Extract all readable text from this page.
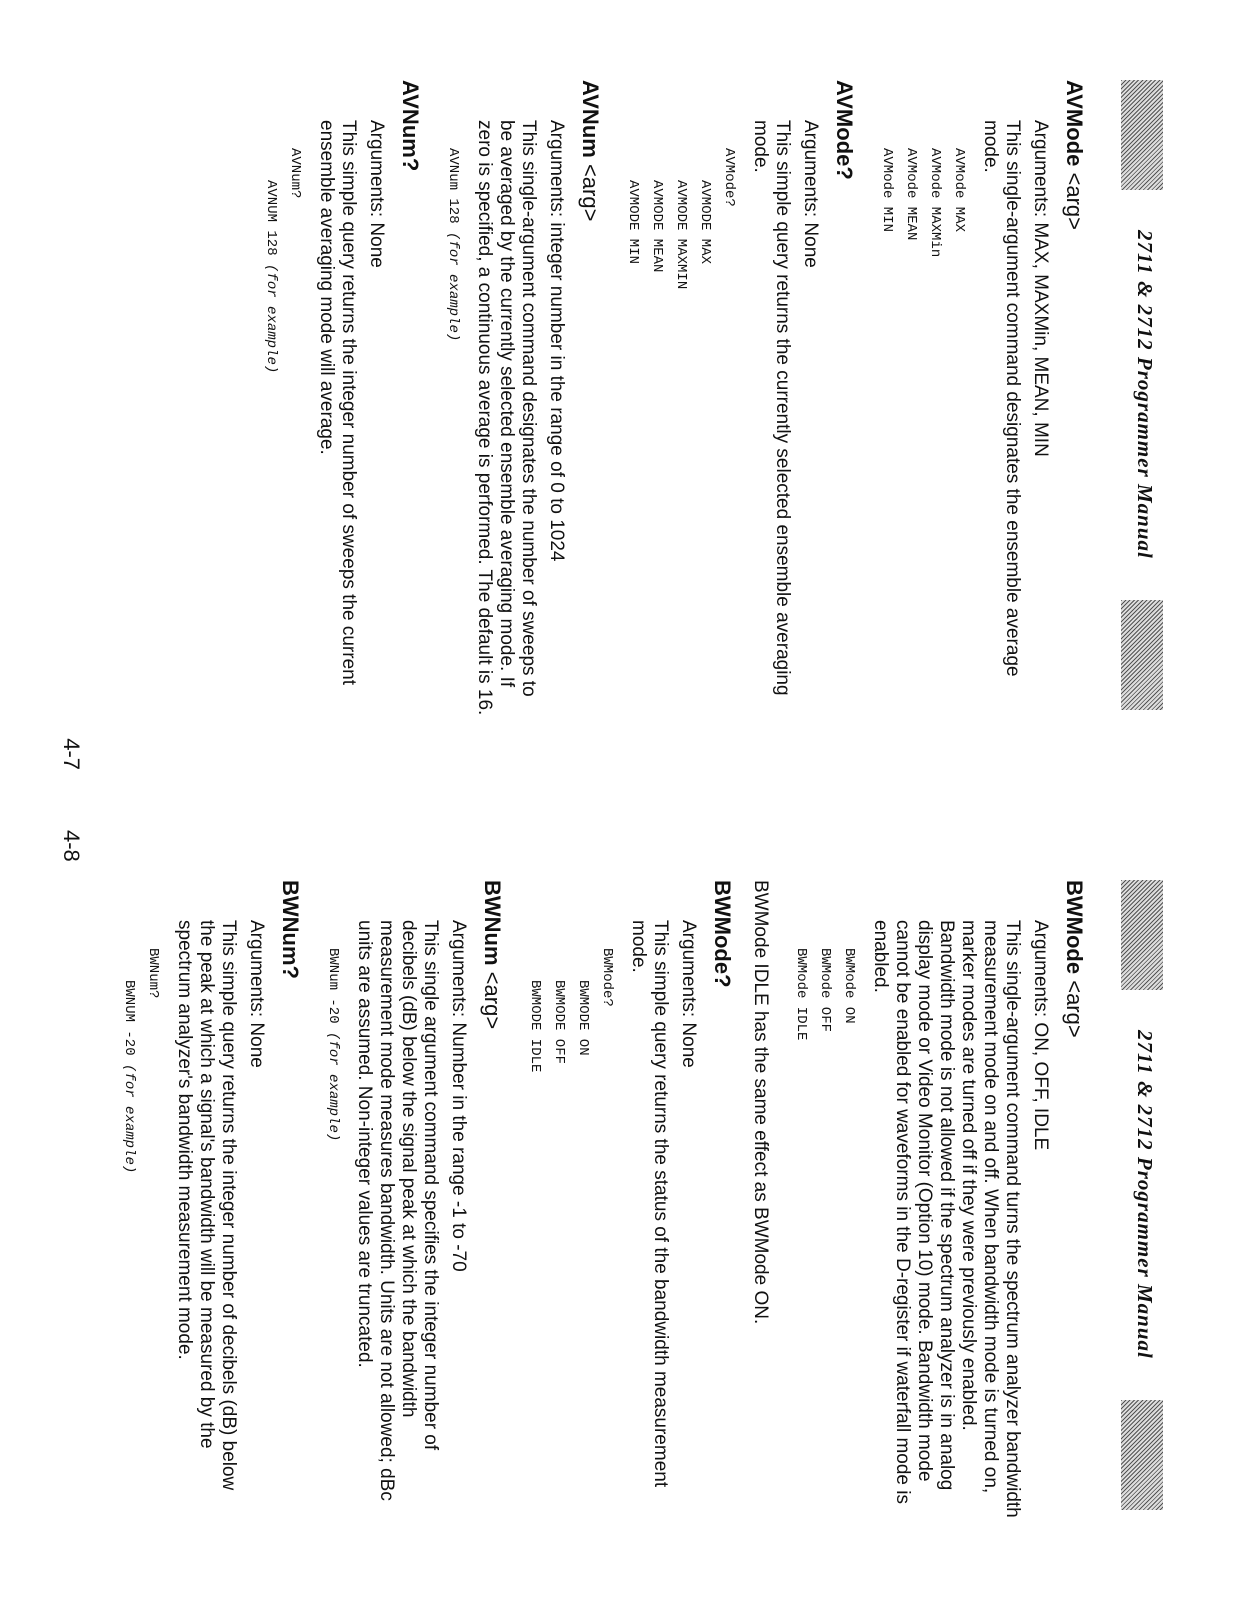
2711 & 2712 Programmer Manual
AVMode <arg>
Arguments: MAX, MAXMin, MEAN, MIN
This single-argument command designates the ensemble average mode.
AVMode MAX
AVMode MAXMin
AVMode MEAN
AVMode MIN
AVMode?
Arguments: None
This simple query returns the currently selected ensemble averaging mode.
AVMode?
AVMODE MAX
AVMODE MAXMIN
AVMODE MEAN
AVMODE MIN
AVNum <arg>
Arguments: integer number in the range of 0 to 1024
This single-argument command designates the number of sweeps to be averaged by the currently selected ensemble averaging mode. If zero is specified, a continuous average is performed. The default is 16.
AVNum 128 (for example)
AVNum?
Arguments: None
This simple query returns the integer number of sweeps the current ensemble averaging mode will average.
AVNum?
AVNUM 128 (for example)
4-7
2711 & 2712 Programmer Manual
BWMode <arg>
Arguments: ON, OFF, IDLE
This single-argument command turns the spectrum analyzer bandwidth measurement mode on and off. When bandwidth mode is turned on, marker modes are turned off if they were previously enabled. Bandwidth mode is not allowed if the spectrum analyzer is in analog display mode or Video Monitor (Option 10) mode. Bandwidth mode cannot be enabled for waveforms in the D-register if waterfall mode is enabled.
BWMode ON
BWMode OFF
BWMode IDLE
BWMode IDLE has the same effect as BWMode ON.
BWMode?
Arguments: None
This simple query returns the status of the bandwidth measurement mode.
BWMode?
BWMODE ON
BWMODE OFF
BWMODE IDLE
BWNum <arg>
Arguments: Number in the range -1 to -70
This single argument command specifies the integer number of decibels (dB) below the signal peak at which the bandwidth measurement mode measures bandwidth. Units are not allowed; dBc units are assumed. Non-integer values are truncated.
BWNum -20 (for example)
BWNum?
Arguments: None
This simple query returns the integer number of decibels (dB) below the peak at which a signal's bandwidth will be measured by the spectrum analyzer's bandwidth measurement mode.
BWNum?
BWNUM -20 (for example)
4-8
